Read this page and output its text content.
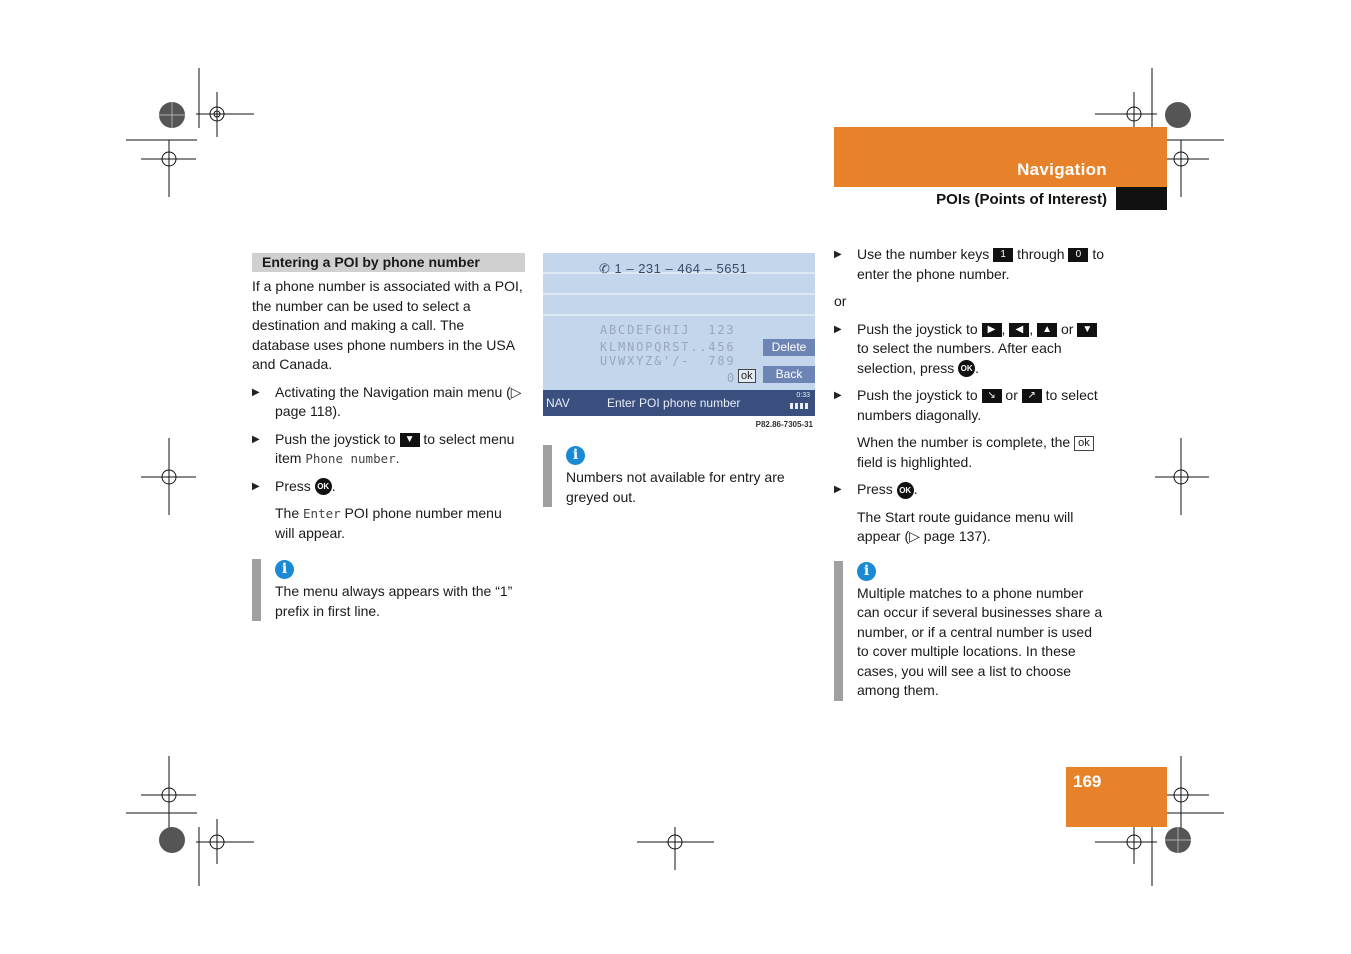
Navigation
POIs (Points of Interest)
Entering a POI by phone number

If a phone number is associated with a POI, the number can be used to select a destination and making a call. The database uses phone numbers in the USA and Canada.

▶ Activating the Navigation main menu (▷ page 118).
▶ Push the joystick to ▼ to select menu item Phone number.
▶ Press OK .
The Enter POI phone number menu will appear.
i
The menu always appears with the “1” prefix in first line.
✆ 1 – 231 – 464 – 5651
ABCDEFGHIJ  123
KLMNOPQRST..456
UVWXYZ&'/-  789
0 ok
Delete
Back
NAV	Enter POI phone number
0:33
P82.86-7305-31
i
Numbers not available for entry are greyed out.
▶ Use the number keys 1 through 0 to enter the phone number.

or

▶ Push the joystick to ▶ , ◀ , ▲ or ▼ to select the numbers. After each selection, press OK .
▶ Push the joystick to ↘ or ↗ to select numbers diagonally.
When the number is complete, the ok field is highlighted.
▶ Press OK .
The Start route guidance menu will appear (▷ page 137).
i
Multiple matches to a phone number can occur if several businesses share a number, or if a central number is used to cover multiple locations. In these cases, you will see a list to choose among them.
169
